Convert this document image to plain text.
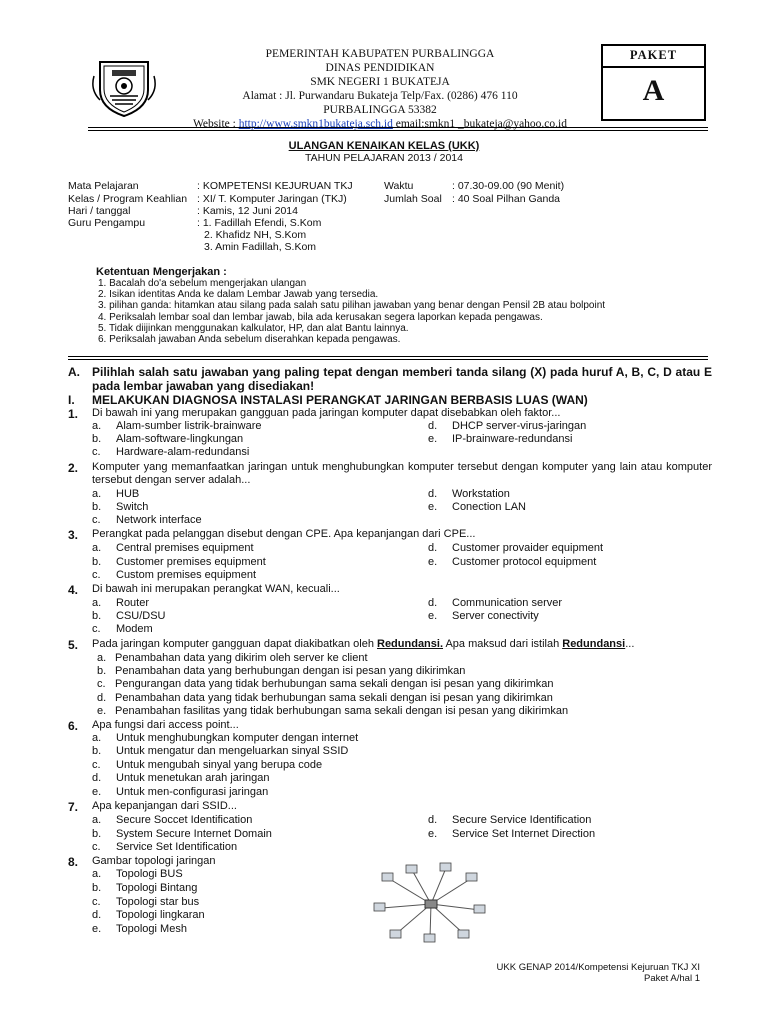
PEMERINTAH KABUPATEN PURBALINGGA
DINAS PENDIDIKAN
SMK NEGERI 1 BUKATEJA
Alamat : Jl. Purwandaru Bukateja Telp/Fax. (0286) 476 110
PURBALINGGA 53382
Website : http://www.smkn1bukateja.sch.id email:smkn1 _bukateja@yahoo.co.id
PAKET
A
ULANGAN KENAIKAN KELAS (UKK)
TAHUN PELAJARAN 2013 / 2014
Mata Pelajaran	: KOMPETENSI KEJURUAN TKJ
Kelas / Program Keahlian : XI/ T. Komputer Jaringan (TKJ)
Hari / tanggal	: Kamis, 12 Juni 2014
Guru Pengampu	: 1. Fadillah Efendi, S.Kom
2. Khafidz NH, S.Kom
3. Amin Fadillah, S.Kom
Waktu	: 07.30-09.00 (90 Menit)
Jumlah Soal : 40 Soal Pilhan Ganda
Ketentuan Mengerjakan :
1. Bacalah do'a sebelum mengerjakan ulangan
2. Isikan identitas Anda ke dalam Lembar Jawab yang tersedia.
3. pilihan ganda: hitamkan atau silang pada salah satu pilihan jawaban yang benar dengan Pensil 2B atau bolpoint
4. Periksalah lembar soal dan lembar jawab, bila ada kerusakan segera laporkan kepada pengawas.
5. Tidak diijinkan menggunakan kalkulator, HP, dan alat Bantu lainnya.
6. Periksalah jawaban Anda sebelum diserahkan kepada pengawas.
A. Pilihlah salah satu jawaban yang paling tepat dengan memberi tanda silang (X) pada huruf A, B, C, D atau E pada lembar jawaban yang disediakan!
I. MELAKUKAN DIAGNOSA INSTALASI PERANGKAT JARINGAN BERBASIS LUAS (WAN)
1. Di bawah ini yang merupakan gangguan pada jaringan komputer dapat disebabkan oleh faktor...
a. Alam-sumber listrik-brainware
b. Alam-software-lingkungan
c. Hardware-alam-redundansi
d. DHCP server-virus-jaringan
e. IP-brainware-redundansi
2. Komputer yang memanfaatkan jaringan untuk menghubungkan komputer tersebut dengan komputer yang lain atau komputer tersebut dengan server adalah...
a. HUB
b. Switch
c. Network interface
d. Workstation
e. Conection LAN
3. Perangkat pada pelanggan disebut dengan CPE. Apa kepanjangan dari CPE...
a. Central premises equipment
b. Customer premises equipment
c. Custom premises equipment
d. Customer provaider equipment
e. Customer protocol equipment
4. Di bawah ini merupakan perangkat WAN, kecuali...
a. Router
b. CSU/DSU
c. Modem
d. Communication server
e. Server conectivity
5. Pada jaringan komputer gangguan dapat diakibatkan oleh Redundansi. Apa maksud dari istilah Redundansi...
a. Penambahan data yang dikirim oleh server ke client
b. Penambahan data yang berhubungan dengan isi pesan yang dikirimkan
c. Pengurangan data yang tidak berhubungan sama sekali dengan isi pesan yang dikirimkan
d. Penambahan data yang tidak berhubungan sama sekali dengan isi pesan yang dikirimkan
e. Penambahan fasilitas yang tidak berhubungan sama sekali dengan isi pesan yang dikirimkan
6. Apa fungsi dari access point...
a. Untuk menghubungkan komputer dengan internet
b. Untuk mengatur dan mengeluarkan sinyal SSID
c. Untuk mengubah sinyal yang berupa code
d. Untuk menetukan arah jaringan
e. Untuk men-configurasi jaringan
7. Apa kepanjangan dari SSID...
a. Secure Soccet Identification
b. System Secure Internet Domain
c. Service Set Identification
d. Secure Service Identification
e. Service Set Internet Direction
8. Gambar topologi jaringan
a. Topologi BUS
b. Topologi Bintang
c. Topologi star bus
d. Topologi lingkaran
e. Topologi Mesh
UKK GENAP 2014/Kompetensi Kejuruan TKJ XI
Paket A/hal 1
